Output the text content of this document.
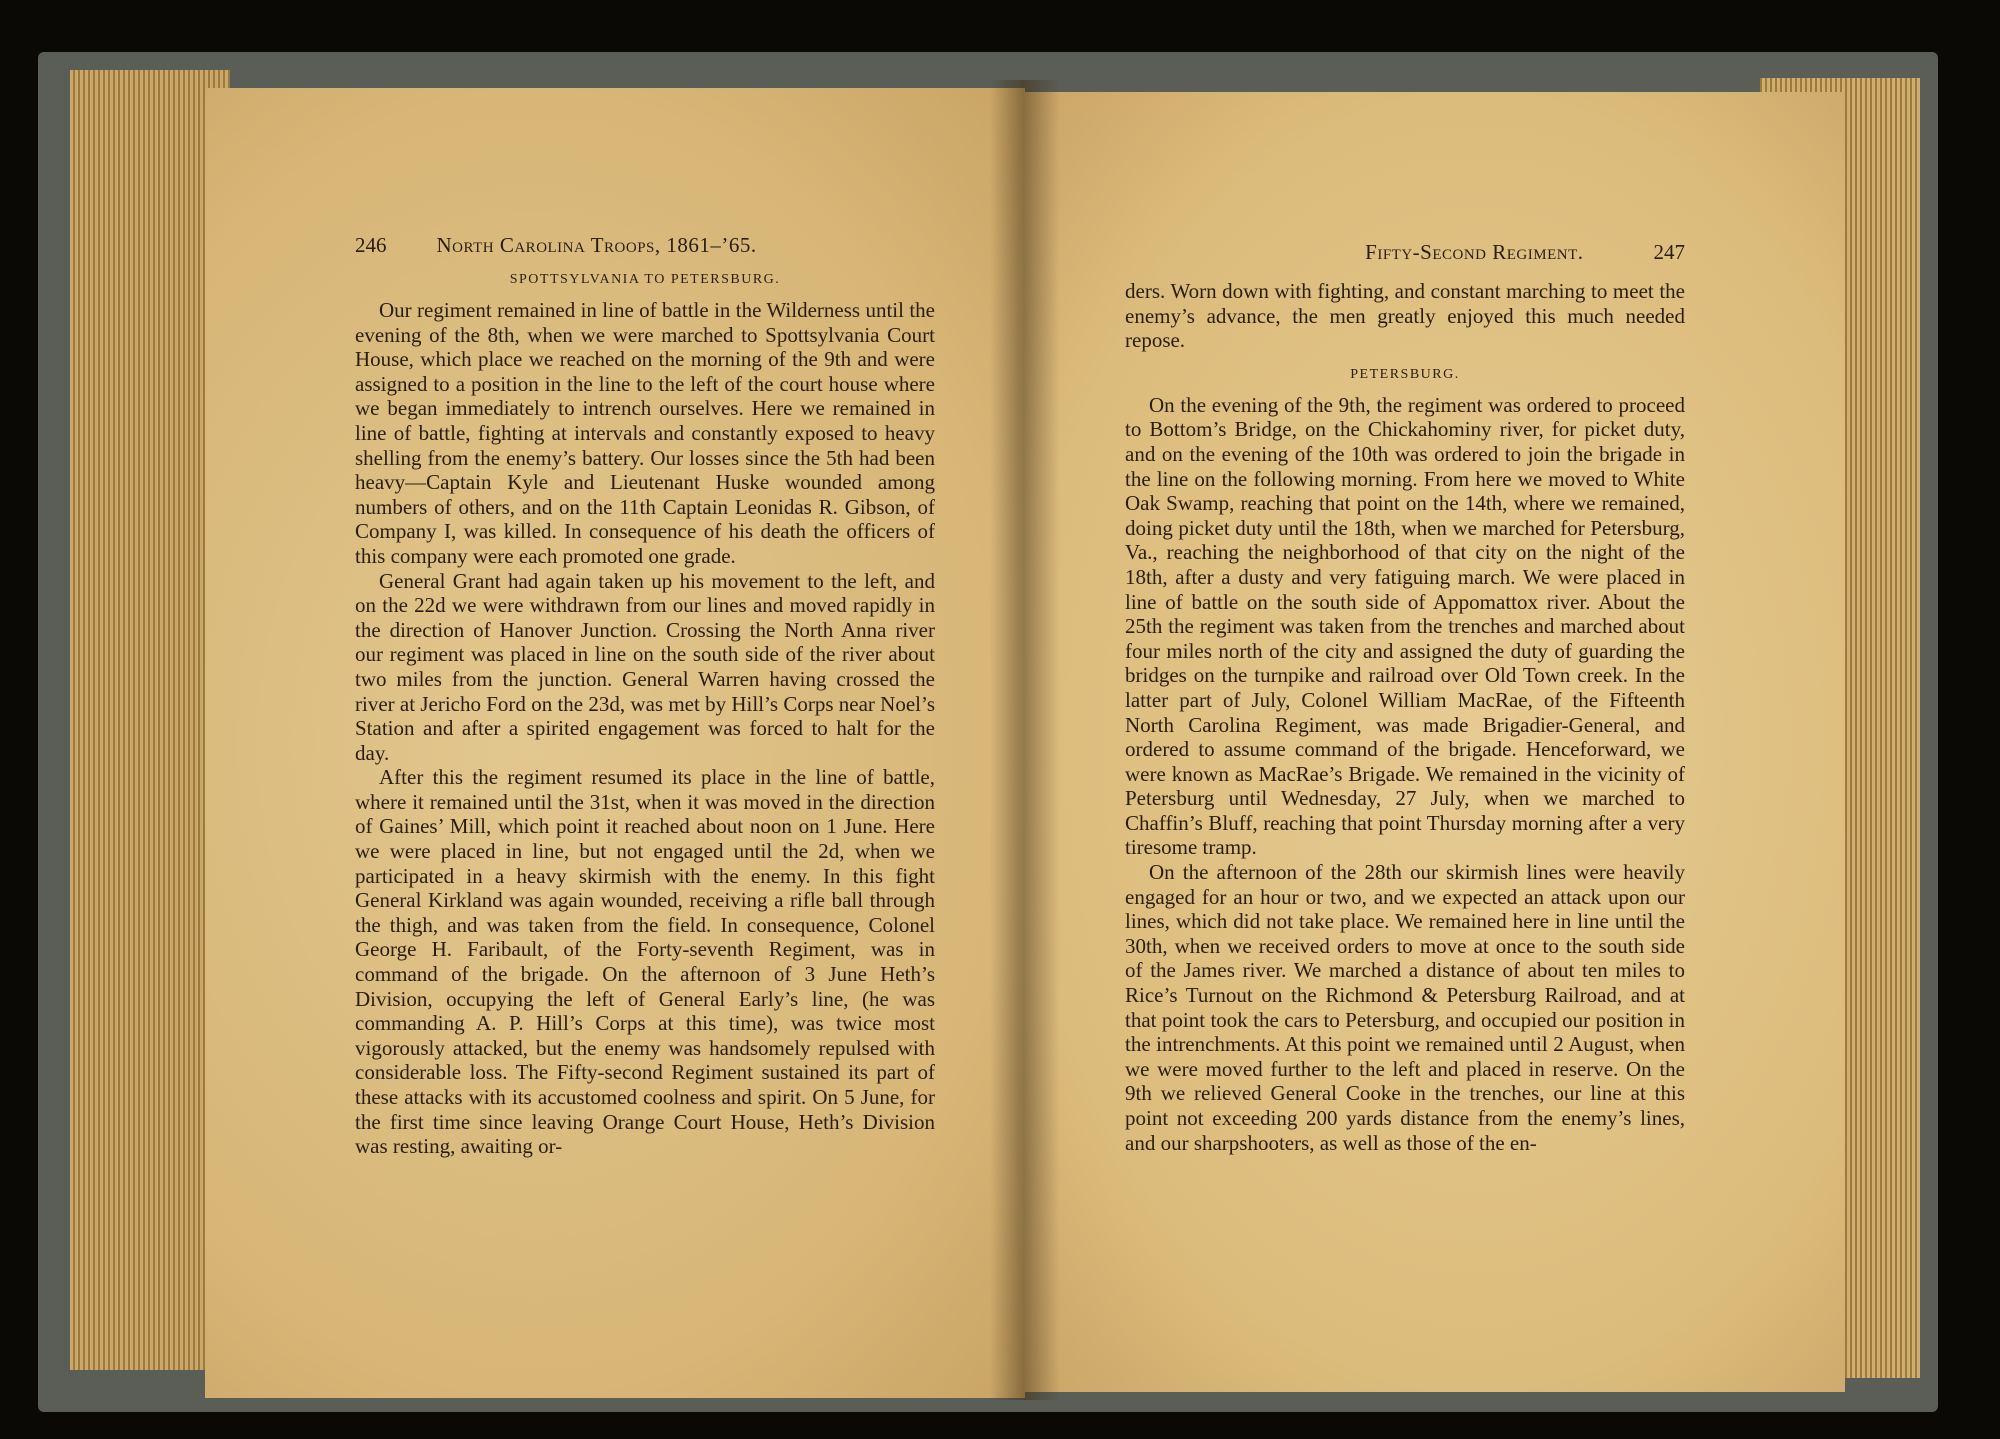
246 North Carolina Troops, 1861–’65.
SPOTTSYLVANIA TO PETERSBURG.

Our regiment remained in line of battle in the Wilderness until the evening of the 8th, when we were marched to Spottsylvania Court House, which place we reached on the morning of the 9th and were assigned to a position in the line to the left of the court house where we began immediately to intrench ourselves. Here we remained in line of battle, fighting at intervals and constantly exposed to heavy shelling from the enemy’s battery. Our losses since the 5th had been heavy—Captain Kyle and Lieutenant Huske wounded among numbers of others, and on the 11th Captain Leonidas R. Gibson, of Company I, was killed. In consequence of his death the officers of this company were each promoted one grade.

General Grant had again taken up his movement to the left, and on the 22d we were withdrawn from our lines and moved rapidly in the direction of Hanover Junction. Crossing the North Anna river our regiment was placed in line on the south side of the river about two miles from the junction. General Warren having crossed the river at Jericho Ford on the 23d, was met by Hill’s Corps near Noel’s Station and after a spirited engagement was forced to halt for the day.

After this the regiment resumed its place in the line of battle, where it remained until the 31st, when it was moved in the direction of Gaines’ Mill, which point it reached about noon on 1 June. Here we were placed in line, but not engaged until the 2d, when we participated in a heavy skirmish with the enemy. In this fight General Kirkland was again wounded, receiving a rifle ball through the thigh, and was taken from the field. In consequence, Colonel George H. Faribault, of the Forty-seventh Regiment, was in command of the brigade. On the afternoon of 3 June Heth’s Division, occupying the left of General Early’s line, (he was commanding A. P. Hill’s Corps at this time), was twice most vigorously attacked, but the enemy was handsomely repulsed with considerable loss. The Fifty-second Regiment sustained its part of these attacks with its accustomed coolness and spirit. On 5 June, for the first time since leaving Orange Court House, Heth’s Division was resting, awaiting or-

Fifty-Second Regiment.	247

ders. Worn down with fighting, and constant marching to meet the enemy’s advance, the men greatly enjoyed this much needed repose.

PETERSBURG.

On the evening of the 9th, the regiment was ordered to proceed to Bottom’s Bridge, on the Chickahominy river, for picket duty, and on the evening of the 10th was ordered to join the brigade in the line on the following morning. From here we moved to White Oak Swamp, reaching that point on the 14th, where we remained, doing picket duty until the 18th, when we marched for Petersburg, Va., reaching the neighborhood of that city on the night of the 18th, after a dusty and very fatiguing march. We were placed in line of battle on the south side of Appomattox river. About the 25th the regiment was taken from the trenches and marched about four miles north of the city and assigned the duty of guarding the bridges on the turnpike and railroad over Old Town creek. In the latter part of July, Colonel William MacRae, of the Fifteenth North Carolina Regiment, was made Brigadier-General, and ordered to assume command of the brigade. Henceforward, we were known as MacRae’s Brigade. We remained in the vicinity of Petersburg until Wednesday, 27 July, when we marched to Chaffin’s Bluff, reaching that point Thursday morning after a very tiresome tramp.

On the afternoon of the 28th our skirmish lines were heavily engaged for an hour or two, and we expected an attack upon our lines, which did not take place. We remained here in line until the 30th, when we received orders to move at once to the south side of the James river. We marched a distance of about ten miles to Rice’s Turnout on the Richmond & Petersburg Railroad, and at that point took the cars to Petersburg, and occupied our position in the intrenchments. At this point we remained until 2 August, when we were moved further to the left and placed in reserve. On the 9th we relieved General Cooke in the trenches, our line at this point not exceeding 200 yards distance from the enemy’s lines, and our sharpshooters, as well as those of the en-
